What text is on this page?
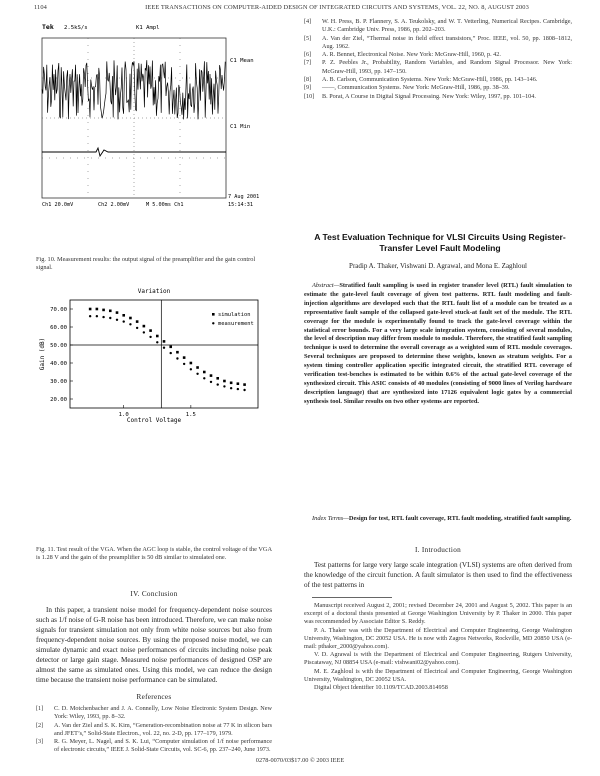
1104	IEEE TRANSACTIONS ON COMPUTER-AIDED DESIGN OF INTEGRATED CIRCUITS AND SYSTEMS, VOL. 22, NO. 8, AUGUST 2003
Tek 2.5kS/s	K1 Ampl
C1 Mean
C1 Min
Ch1 20.0mV	Ch2 2.00mV	M 5.00ms Ch1
7 Aug 2001
15:14:31
Fig. 10. Measurement results: the output signal of the preamplifier and the gain control signal.
Variation
70.00
60.00
50.00
40.00
30.00
20.00
1.0	1.5
simulation
measurement
Control Voltage
Gain (dB)
Fig. 11. Test result of the VGA. When the AGC loop is stable, the control voltage of the VGA is 1.28 V and the gain of the preamplifier is 50 dB similar to simulated one.
IV. Conclusion
In this paper, a transient noise model for frequency-dependent noise sources such as 1/f noise of G-R noise has been introduced. Therefore, we can make noise signals for transient simulation not only from white noise sources but also from frequency-dependent noise sources. By using the proposed noise model, we can simulate dynamic and exact noise performances of circuits including noise peak detector or large gain stage. Measured noise performances of designed OSP are almost the same as simulated ones. Using this model, we can reduce the design time because the transient noise performance can be simulated.
References
[1]	C. D. Motchenbacher and J. A. Connelly, Low Noise Electronic System Design. New York: Wiley, 1993, pp. 8–32.
[2]	A. Van der Ziel and S. K. Kim, “Generation-recombination noise at 77 K in silicon bars and JFET’s,” Solid-State Electron., vol. 22, no. 2-D, pp. 177–179, 1979.
[3]	R. G. Meyer, L. Nagel, and S. K. Lui, “Computer simulation of 1/f noise performance of electronic circuits,” IEEE J. Solid-State Circuits, vol. SC-6, pp. 237–240, June 1973.
[4]	W. H. Press, B. P. Flannery, S. A. Teukolsky, and W. T. Vetterling, Numerical Recipes. Cambridge, U.K.: Cambridge Univ. Press, 1986, pp. 202–203.
[5]	A. Van der Ziel, “Thermal noise in field effect transistors,” Proc. IEEE, vol. 50, pp. 1808–1812, Aug. 1962.
[6]	A. R. Bennet, Electronical Noise. New York: McGraw-Hill, 1960, p. 42.
[7]	P. Z. Peebles Jr., Probability, Random Variables, and Random Signal Processor. New York: McGraw-Hill, 1993, pp. 147–150.
[8]	A. B. Carlson, Communication Systems. New York: McGraw-Hill, 1986, pp. 143–146.
[9]	——, Communication Systems. New York: McGraw-Hill, 1986, pp. 38–39.
[10]	B. Porat, A Course in Digital Signal Processing. New York: Wiley, 1997, pp. 101–104.
A Test Evaluation Technique for VLSI Circuits Using Register-Transfer Level Fault Modeling
Pradip A. Thaker, Vishwani D. Agrawal, and Mona E. Zaghloul
Abstract—Stratified fault sampling is used in register transfer level (RTL) fault simulation to estimate the gate-level fault coverage of given test patterns. RTL fault modeling and fault-injection algorithms are developed such that the RTL fault list of a module can be treated as a representative fault sample of the collapsed gate-level stuck-at fault set of the module. The RTL coverage for the module is experimentally found to track the gate-level coverage within the statistical error bounds. For a very large scale integration system, consisting of several modules, the level of description may differ from module to module. Therefore, the stratified fault sampling technique is used to determine the overall coverage as a weighted sum of RTL module coverages. Several techniques are proposed to determine these weights, known as stratum weights. For a system timing controller application specific integrated circuit, the stratified RTL coverage of verification test-benches is estimated to be within 0.6% of the actual gate-level coverage of the synthesized circuit. This ASIC consists of 40 modules (consisting of 9000 lines of Verilog hardware description language) that are synthesized into 17126 equivalent logic gates by a commercial synthesis tool. Similar results on two other systems are reported.
Index Terms—Design for test, RTL fault coverage, RTL fault modeling, stratified fault sampling.
I. Introduction
Test patterns for large very large scale integration (VLSI) systems are often derived from the knowledge of the circuit function. A fault simulator is then used to find the effectiveness of the test patterns in

Manuscript received August 2, 2001; revised December 24, 2001 and August 5, 2002. This paper is an excerpt of a doctoral thesis presented at George Washington University by P. Thaker in 2000. This paper was recommended by Associate Editor S. Reddy.

P. A. Thaker was with the Department of Electrical and Computer Engineering, George Washington University, Washington, DC 20052 USA. He is now with Zagros Networks, Rockville, MD 20850 USA (e-mail: pthaker_2000@yahoo.com).

V. D. Agrawal is with the Department of Electrical and Computer Engineering, Rutgers University, Piscataway, NJ 08854 USA (e-mail: vishwani02@yahoo.com).

M. E. Zaghloul is with the Department of Electrical and Computer Engineering, George Washington University, Washington, DC 20052 USA.

Digital Object Identifier 10.1109/TCAD.2003.814958

0278-0070/03$17.00 © 2003 IEEE
